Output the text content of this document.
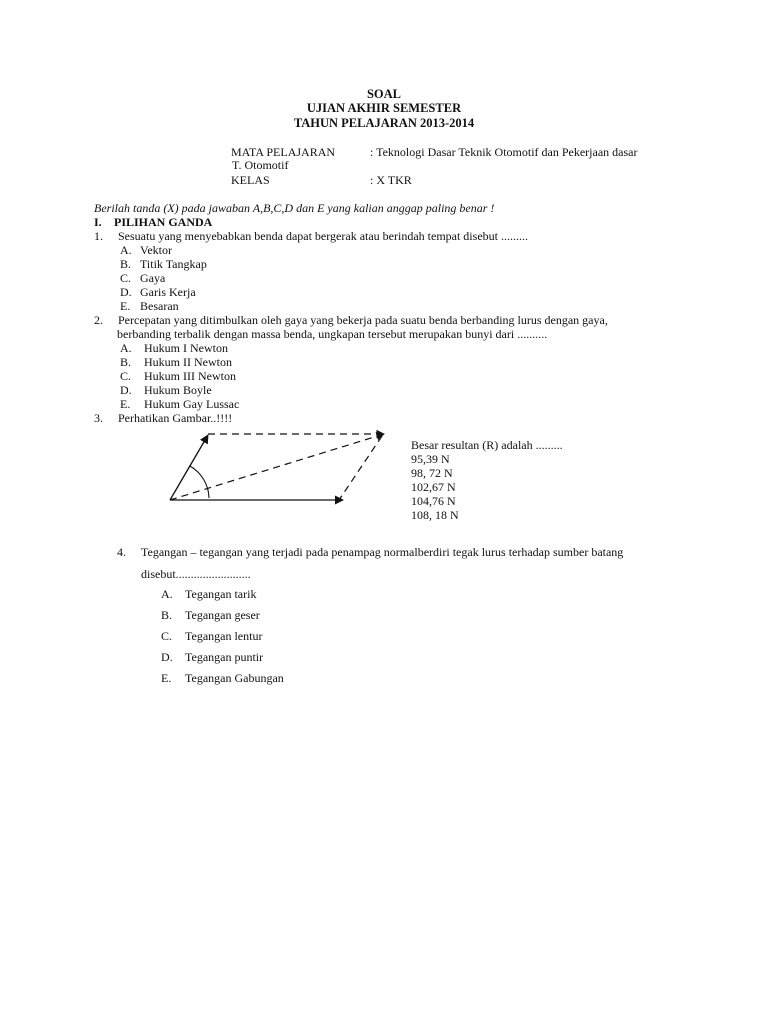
SOAL
UJIAN AKHIR SEMESTER
TAHUN PELAJARAN 2013-2014
MATA PELAJARAN	: Teknologi Dasar Teknik Otomotif dan Pekerjaan dasar
T. Otomotif
KELAS	: X TKR
Berilah tanda (X) pada jawaban A,B,C,D dan E yang kalian anggap paling benar !
I. PILIHAN GANDA
1. Sesuatu yang menyebabkan benda dapat bergerak atau berindah tempat disebut .........
A. Vektor
B. Titik Tangkap
C. Gaya
D. Garis Kerja
E. Besaran
2. Percepatan yang ditimbulkan oleh gaya yang bekerja pada suatu benda berbanding lurus dengan gaya,
berbanding terbalik dengan massa benda, ungkapan tersebut merupakan bunyi dari ..........
A. Hukum I Newton
B. Hukum II Newton
C. Hukum III Newton
D. Hukum Boyle
E. Hukum Gay Lussac
3. Perhatikan Gambar..!!!!
Besar resultan (R) adalah .........
95,39 N
98, 72 N
102,67 N
104,76 N
108, 18 N
4. Tegangan – tegangan yang terjadi pada penampag normalberdiri tegak lurus terhadap sumber batang
disebut.........................
A. Tegangan tarik
B. Tegangan geser
C. Tegangan lentur
D. Tegangan puntir
E. Tegangan Gabungan
